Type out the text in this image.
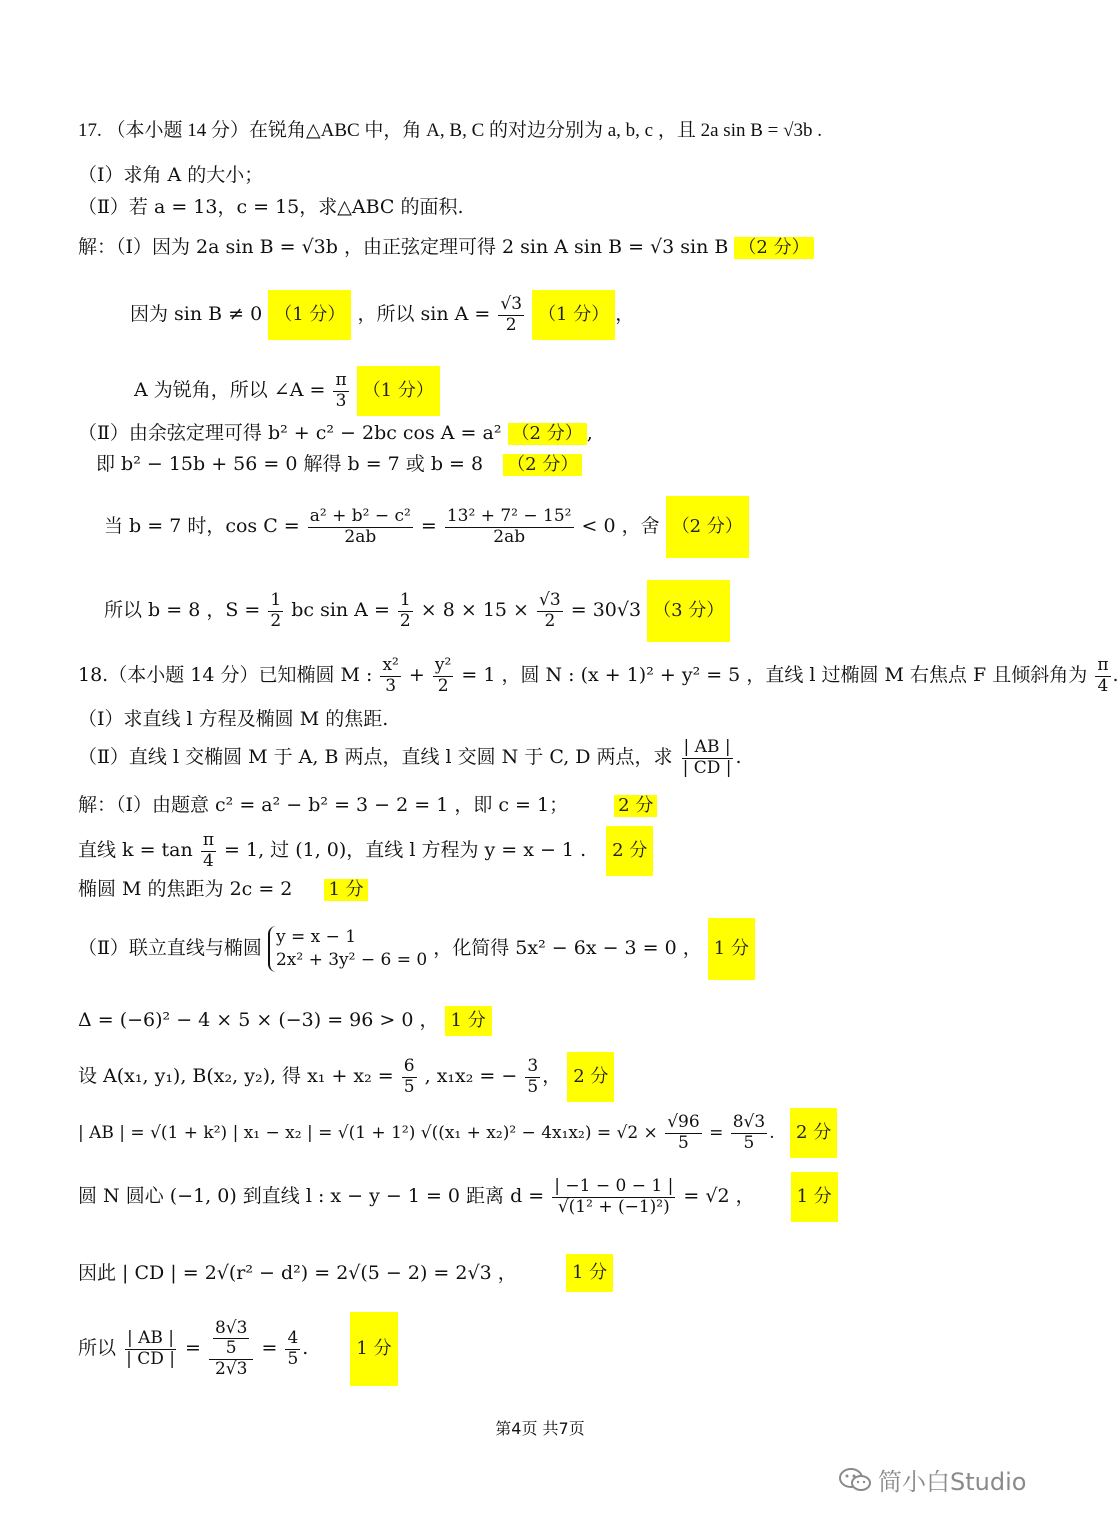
17. （本小题 14 分）在锐角△ABC 中，角 A, B, C 的对边分别为 a, b, c ，且 2a sin B = √3b .
（Ⅰ）求角 A 的大小；
（Ⅱ）若 a = 13，c = 15，求△ABC 的面积.
解：（Ⅰ）因为 2a sin B = √3b ，由正弦定理可得 2 sin A sin B = √3 sin B （2 分）
因为 sin B ≠ 0 （1 分） ，所以 $\sin A = \frac{√3}{2} (1$ 分） ，
A 为锐角，所以 ∠A = $\frac{\pi}{3} (1$ 分）
（Ⅱ）由余弦定理可得 b² + c² − 2bc cos A = a² （2 分） ,
即 b² − 15b + 56 = 0 解得 b = 7 或 b = 8 （2 分）
当 b = 7 时，$\cos C = \frac{\text{a² + b² − c²}}{2ab} = \frac{\text{13² + 7² − 15²}}{2ab} < 0$ ，舍 （2 分）
所以 b = 8 ，$S = \frac{1}{2}$ bc $\sin A = \frac{1}{2} \times 8 \times 15 \times \frac{√3}{2} = 30√3$ （3 分）
18.（本小题 14 分）已知椭圆 M : $\frac{\text{x²}}{3} + \frac{\text{y²}}{2} = 1$ ，圆 N : (x + 1)² + y² = 5 ，直线 l 过椭圆 M 右焦点 F 且倾斜角为 $\frac{\pi}{4}$ .
（Ⅰ）求直线 l 方程及椭圆 M 的焦距.
（Ⅱ）直线 l 交椭圆 M 于 A, B 两点，直线 l 交圆 N 于 C, D 两点，求 $\frac{| AB |}{| CD |}$ .
解：（Ⅰ）由题意 c² = a² − b² = 3 − 2 = 1 ，即 c = 1；	2 分
直线 $k = \tan \frac{\pi}{4} = 1$, 过 (1, 0)，直线 l 方程为 y = x − 1 . 2 分
椭圆 M 的焦距为 2c = 2 1 分
（Ⅱ）联立直线与椭圆 y = x − 1
2x² + 3y² − 6 = 0
，化简得 5x² − 6x − 3 = 0 ， 1 分
Δ = (−6)² − 4 × 5 × (−3) = 96 > 0 ， 1 分
设 A(x₁, y₁), B(x₂, y₂), 得 $x_1 + x_2 = \frac{6}{5}$ , x₁x₂ = − $\frac{3}{5}$ ， 2 分
| AB | = √(1 + k²) | x₁ − x₂ | = √(1 + 1²) $√((x_1 + x_2)^2 - 4x_1x_2) = √2 \times \frac{√96}{5} = \frac{8√3}{5}$ . 2 分
圆 N 圆心 (−1, 0) 到直线 l : x − y − 1 = 0 距离 $d = \frac{| -1 - 0 - 1 |}{\text{√(1² + (−1)²)}} = √2$ ， 1 分
因此 | CD | = 2√(r² − d²) = 2√(5 − 2) = 2√3 ，	1 分
所以 $\frac{| AB |}{| CD |} = \frac{\frac{8√3}{5}}{2√3} = \frac{4}{5}$ .	1 分
第4页 共7页
简小白Studio
